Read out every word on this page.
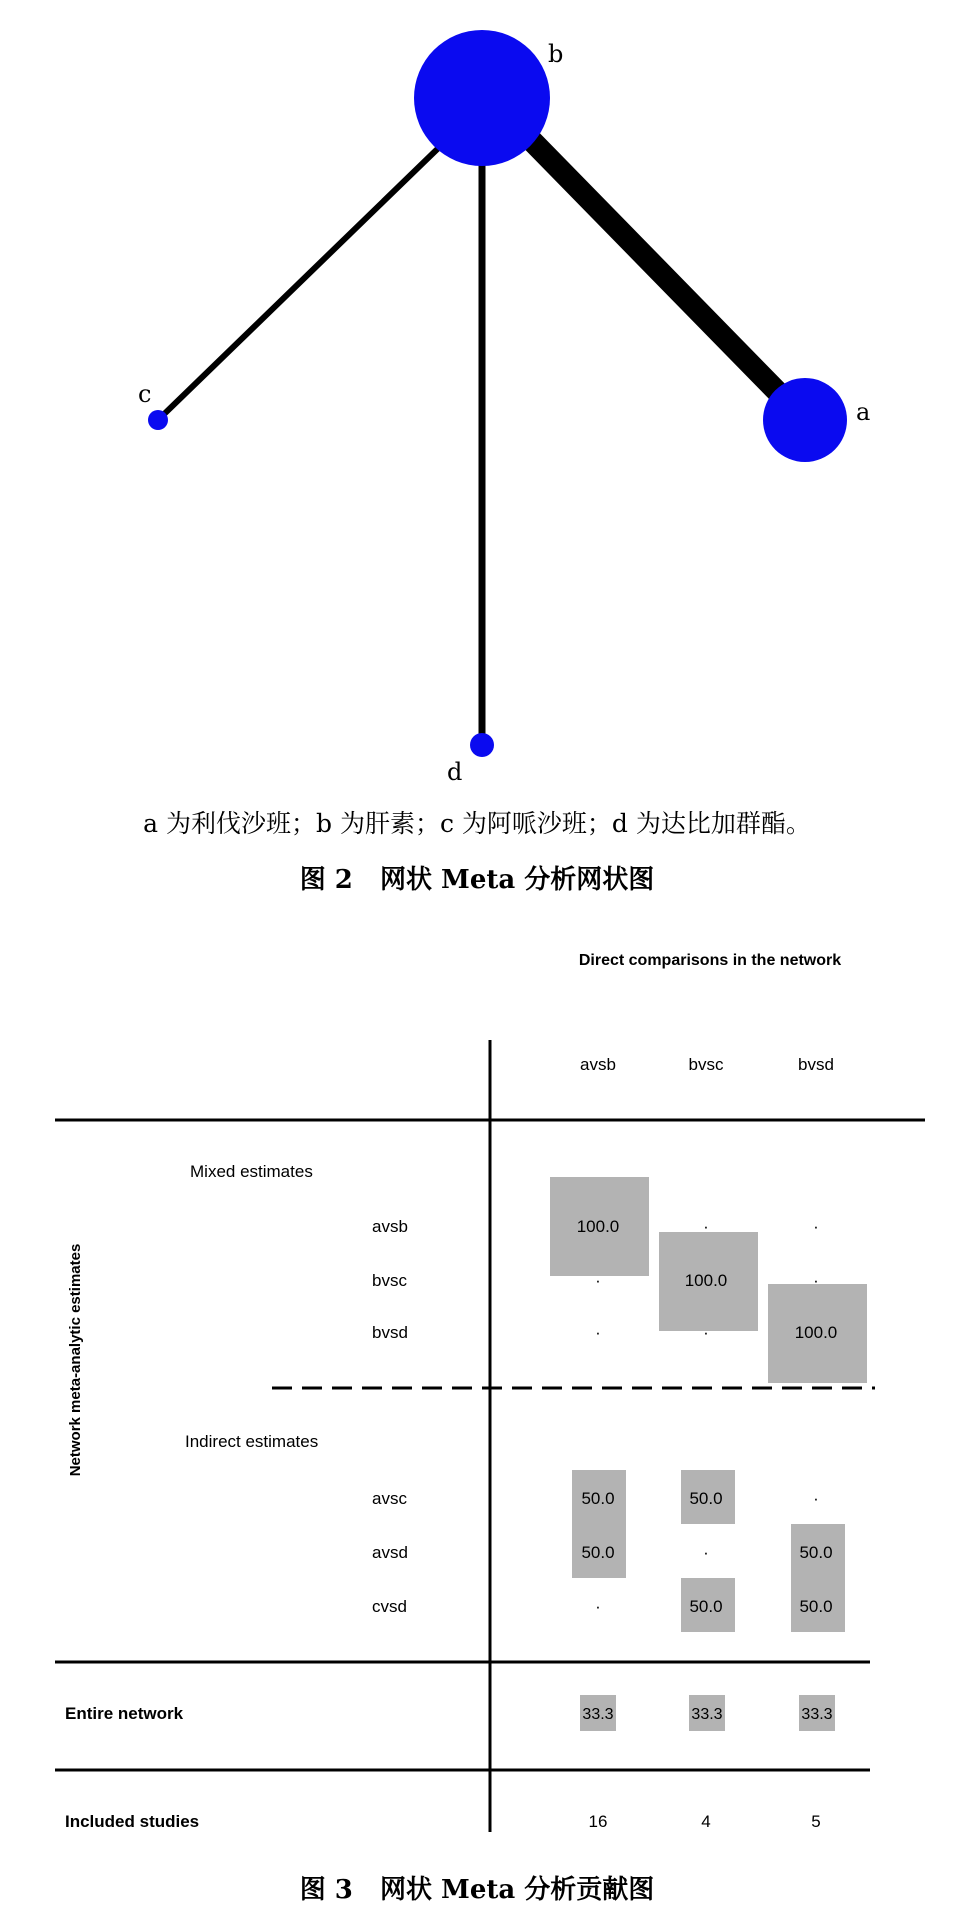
b
a
c
d
a 为利伐沙班；b 为肝素；c 为阿哌沙班；d 为达比加群酯。
图 2   网状 Meta 分析网状图
Direct comparisons in the network
avsb	bvsc	bvsd
Network meta-analytic estimates
Mixed estimates
Indirect estimates
avsb	100.0	·	·
bvsc	·	100.0	·
bvsd	·	·	100.0
avsc	50.0	50.0	·
avsd	50.0	·	50.0
cvsd	·	50.0	50.0
Entire network	33.3	33.3	33.3
Included studies	16	4	5
图 3   网状 Meta 分析贡献图
